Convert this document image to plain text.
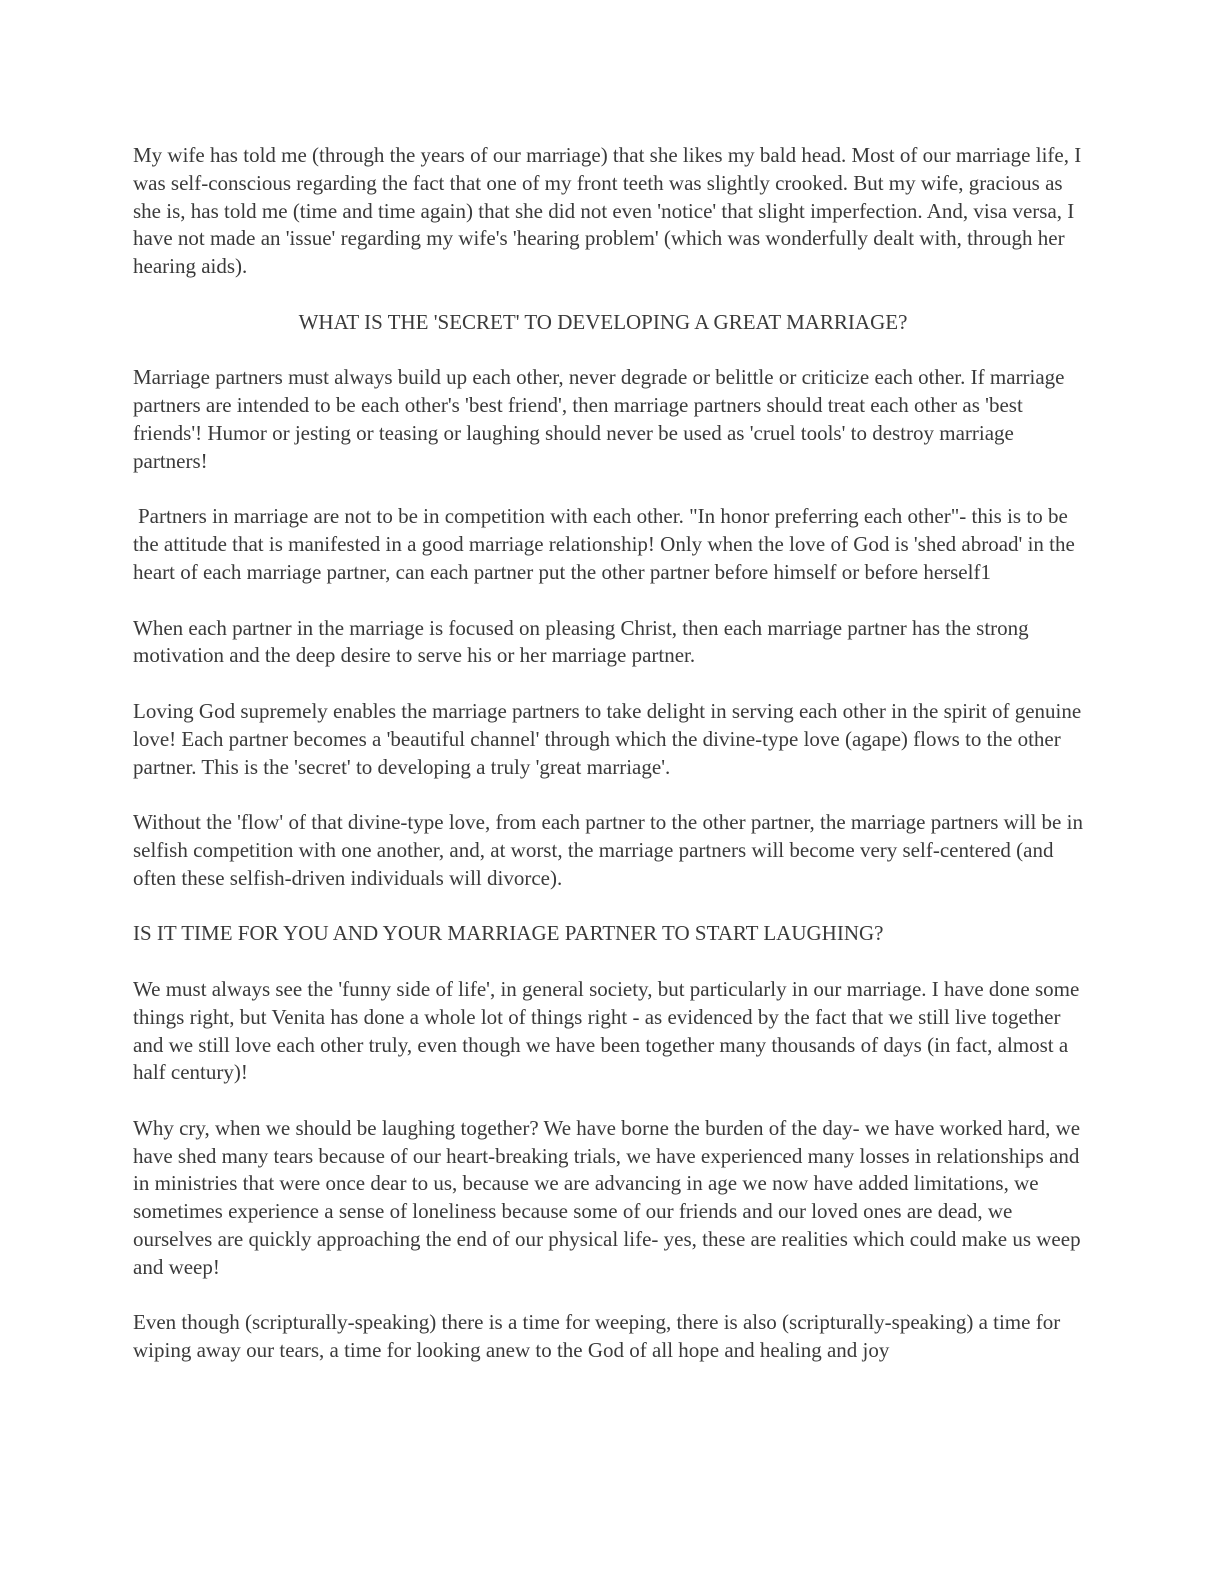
My wife has told me (through the years of our marriage) that she likes my bald head. Most of our marriage life, I was self-conscious regarding the fact that one of my front teeth was slightly crooked. But my wife, gracious as she is, has told me (time and time again) that she did not even 'notice' that slight imperfection. And, visa versa, I have not made an 'issue' regarding my wife's 'hearing problem' (which was wonderfully dealt with, through her hearing aids).

WHAT IS THE 'SECRET' TO DEVELOPING A GREAT MARRIAGE?

Marriage partners must always build up each other, never degrade or belittle or criticize each other. If marriage partners are intended to be each other's 'best friend', then marriage partners should treat each other as 'best friends'! Humor or jesting or teasing or laughing should never be used as 'cruel tools' to destroy marriage partners!

Partners in marriage are not to be in competition with each other. "In honor preferring each other"- this is to be the attitude that is manifested in a good marriage relationship! Only when the love of God is 'shed abroad' in the heart of each marriage partner, can each partner put the other partner before himself or before herself1

When each partner in the marriage is focused on pleasing Christ, then each marriage partner has the strong motivation and the deep desire to serve his or her marriage partner.

Loving God supremely enables the marriage partners to take delight in serving each other in the spirit of genuine love! Each partner becomes a 'beautiful channel' through which the divine-type love (agape) flows to the other partner. This is the 'secret' to developing a truly 'great marriage'.

Without the 'flow' of that divine-type love, from each partner to the other partner, the marriage partners will be in selfish competition with one another, and, at worst, the marriage partners will become very self-centered (and often these selfish-driven individuals will divorce).

IS IT TIME FOR YOU AND YOUR MARRIAGE PARTNER TO START LAUGHING?

We must always see the 'funny side of life', in general society, but particularly in our marriage. I have done some things right, but Venita has done a whole lot of things right - as evidenced by the fact that we still live together and we still love each other truly, even though we have been together many thousands of days (in fact, almost a half century)!

Why cry, when we should be laughing together? We have borne the burden of the day- we have worked hard, we have shed many tears because of our heart-breaking trials, we have experienced many losses in relationships and in ministries that were once dear to us, because we are advancing in age we now have added limitations, we sometimes experience a sense of loneliness because some of our friends and our loved ones are dead, we ourselves are quickly approaching the end of our physical life- yes, these are realities which could make us weep and weep!

Even though (scripturally-speaking) there is a time for weeping, there is also (scripturally-speaking) a time for wiping away our tears, a time for looking anew to the God of all hope and healing and joy
